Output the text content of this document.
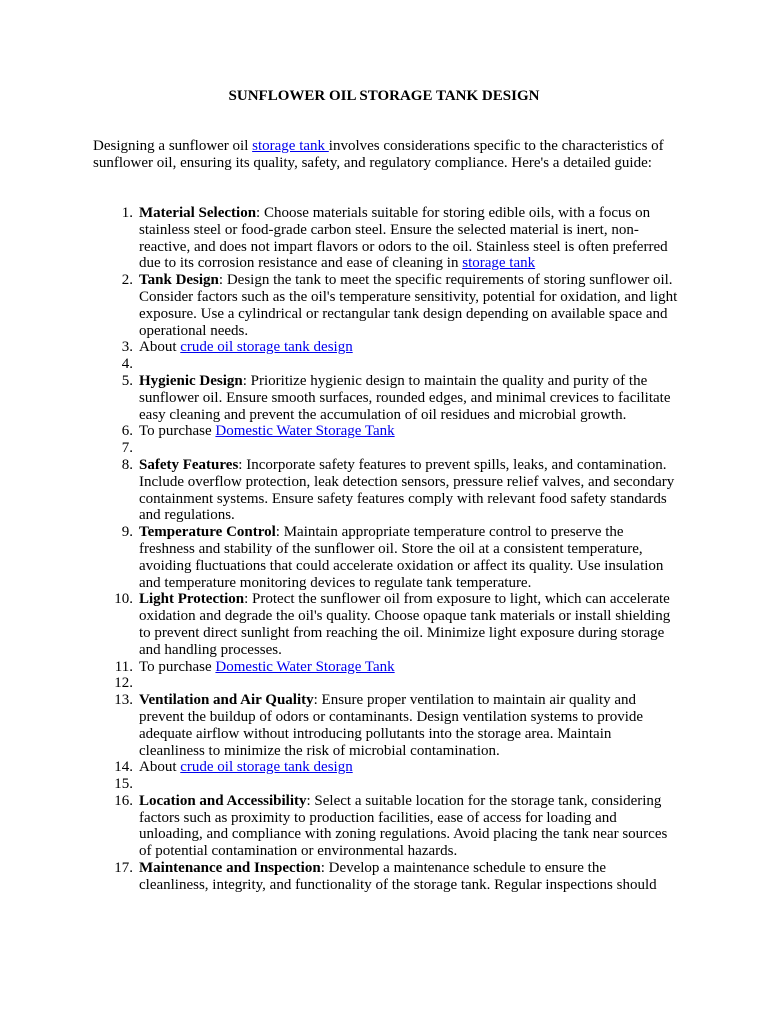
SUNFLOWER OIL STORAGE TANK DESIGN

Designing a sunflower oil storage tank involves considerations specific to the characteristics of sunflower oil, ensuring its quality, safety, and regulatory compliance. Here's a detailed guide:

1. Material Selection: Choose materials suitable for storing edible oils, with a focus on stainless steel or food-grade carbon steel. Ensure the selected material is inert, non-reactive, and does not impart flavors or odors to the oil. Stainless steel is often preferred due to its corrosion resistance and ease of cleaning in storage tank
2. Tank Design: Design the tank to meet the specific requirements of storing sunflower oil. Consider factors such as the oil's temperature sensitivity, potential for oxidation, and light exposure. Use a cylindrical or rectangular tank design depending on available space and operational needs.
3. About crude oil storage tank design
4.
5. Hygienic Design: Prioritize hygienic design to maintain the quality and purity of the sunflower oil. Ensure smooth surfaces, rounded edges, and minimal crevices to facilitate easy cleaning and prevent the accumulation of oil residues and microbial growth.
6. To purchase Domestic Water Storage Tank
7.
8. Safety Features: Incorporate safety features to prevent spills, leaks, and contamination. Include overflow protection, leak detection sensors, pressure relief valves, and secondary containment systems. Ensure safety features comply with relevant food safety standards and regulations.
9. Temperature Control: Maintain appropriate temperature control to preserve the freshness and stability of the sunflower oil. Store the oil at a consistent temperature, avoiding fluctuations that could accelerate oxidation or affect its quality. Use insulation and temperature monitoring devices to regulate tank temperature.
10. Light Protection: Protect the sunflower oil from exposure to light, which can accelerate oxidation and degrade the oil's quality. Choose opaque tank materials or install shielding to prevent direct sunlight from reaching the oil. Minimize light exposure during storage and handling processes.
11. To purchase Domestic Water Storage Tank
12.
13. Ventilation and Air Quality: Ensure proper ventilation to maintain air quality and prevent the buildup of odors or contaminants. Design ventilation systems to provide adequate airflow without introducing pollutants into the storage area. Maintain cleanliness to minimize the risk of microbial contamination.
14. About crude oil storage tank design
15.
16. Location and Accessibility: Select a suitable location for the storage tank, considering factors such as proximity to production facilities, ease of access for loading and unloading, and compliance with zoning regulations. Avoid placing the tank near sources of potential contamination or environmental hazards.
17. Maintenance and Inspection: Develop a maintenance schedule to ensure the cleanliness, integrity, and functionality of the storage tank. Regular inspections should
